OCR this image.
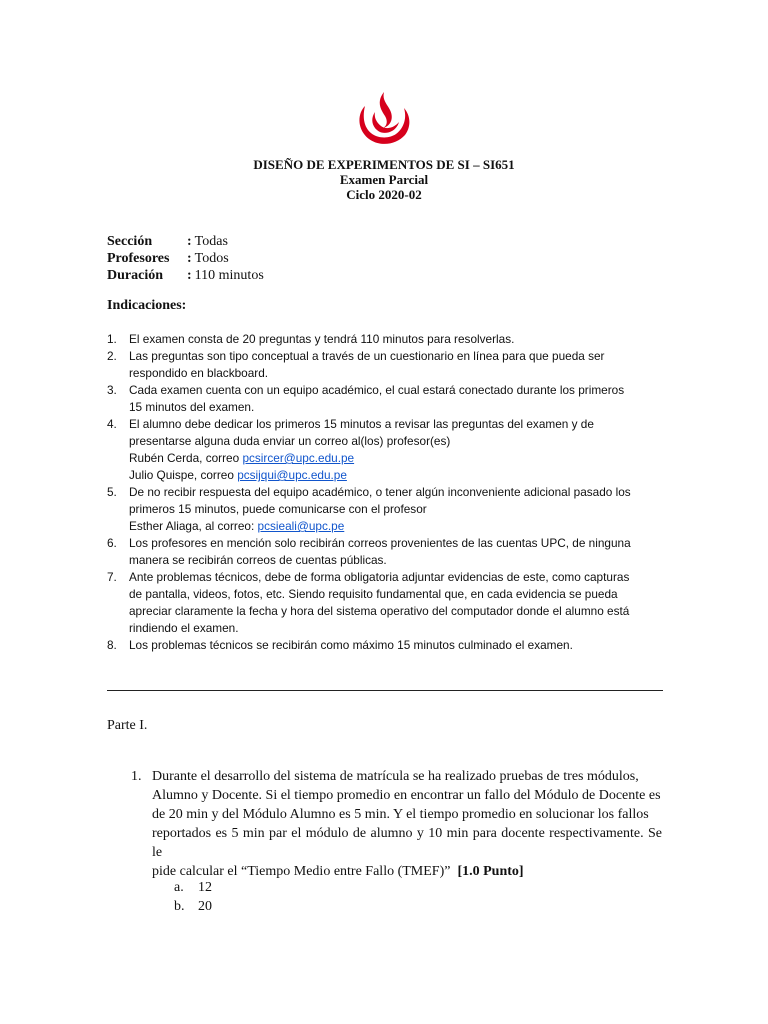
DISEÑO DE EXPERIMENTOS DE SI – SI651
Examen Parcial
Ciclo 2020-02
Sección	: Todas
Profesores	: Todos
Duración	: 110 minutos
Indicaciones:
1.	El examen consta de 20 preguntas y tendrá 110 minutos para resolverlas.
2.	Las preguntas son tipo conceptual a través de un cuestionario en línea para que pueda ser
respondido en blackboard.
3.	Cada examen cuenta con un equipo académico, el cual estará conectado durante los primeros
15 minutos del examen.
4.	El alumno debe dedicar los primeros 15 minutos a revisar las preguntas del examen y de
presentarse alguna duda enviar un correo al(los) profesor(es)
Rubén Cerda, correo pcsircer@upc.edu.pe
Julio Quispe, correo pcsijqui@upc.edu.pe
5.	De no recibir respuesta del equipo académico, o tener algún inconveniente adicional pasado los
primeros 15 minutos, puede comunicarse con el profesor
Esther Aliaga, al correo: pcsieali@upc.pe
6.	Los profesores en mención solo recibirán correos provenientes de las cuentas UPC, de ninguna
manera se recibirán correos de cuentas públicas.
7.	Ante problemas técnicos, debe de forma obligatoria adjuntar evidencias de este, como capturas
de pantalla, videos, fotos, etc. Siendo requisito fundamental que, en cada evidencia se pueda
apreciar claramente la fecha y hora del sistema operativo del computador donde el alumno está
rindiendo el examen.
8.	Los problemas técnicos se recibirán como máximo 15 minutos culminado el examen.
Parte I.
1. Durante el desarrollo del sistema de matrícula se ha realizado pruebas de tres módulos,
Alumno y Docente. Si el tiempo promedio en encontrar un fallo del Módulo de Docente es
de 20 min y del Módulo Alumno es 5 min. Y el tiempo promedio en solucionar los fallos
reportados es 5 min par el módulo de alumno y 10 min para docente respectivamente. Se le
pide calcular el “Tiempo Medio entre Fallo (TMEF)” [1.0 Punto]
a.	12
b. 20
